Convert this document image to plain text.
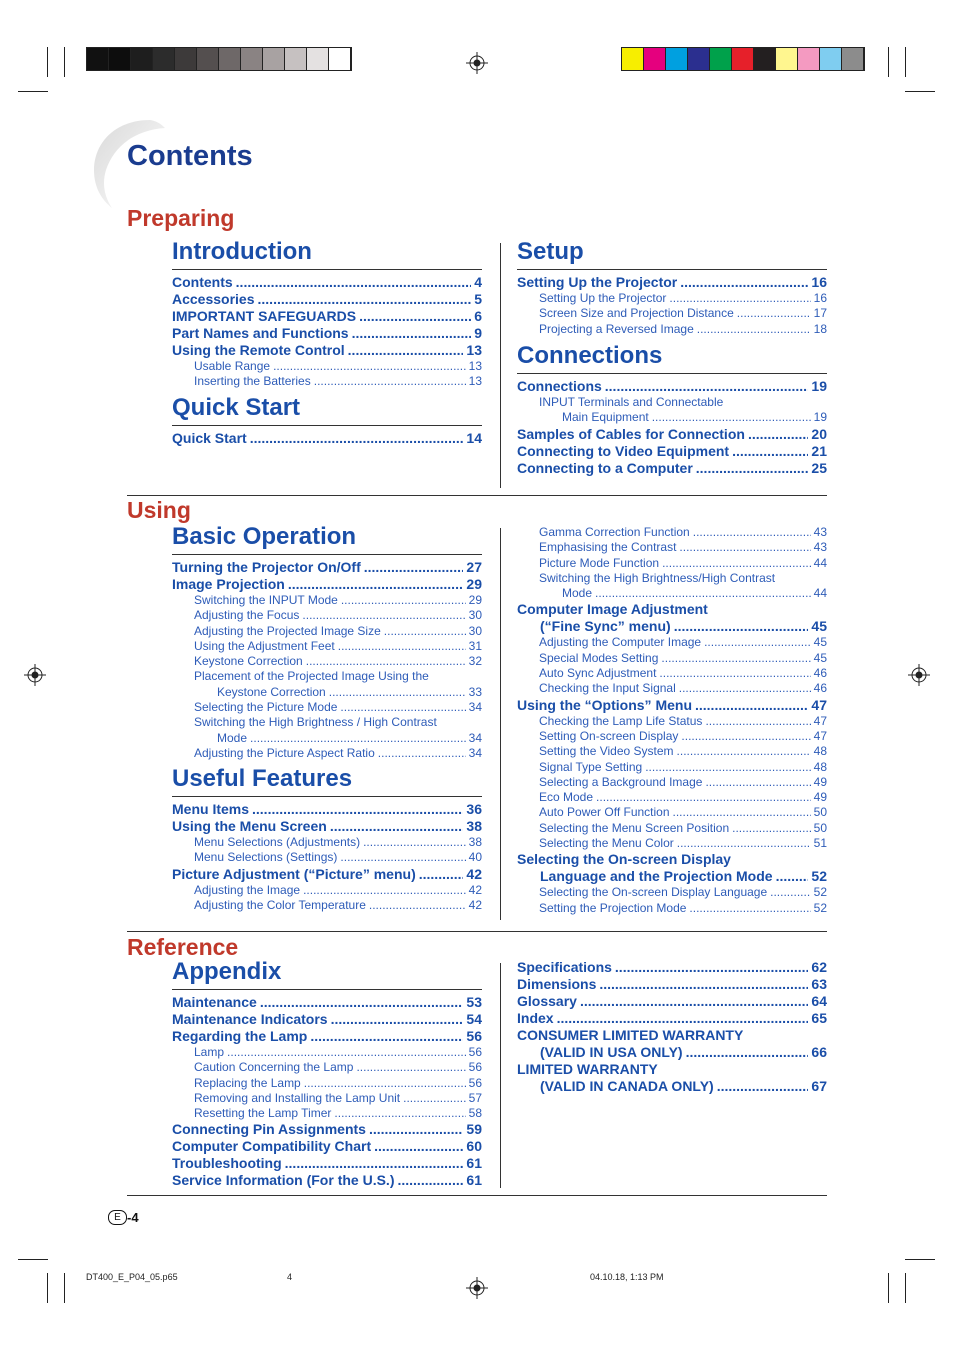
Contents
Preparing
Using
Reference
Introduction
Contents .....	4
Accessories .....	5
IMPORTANT SAFEGUARDS .....	6
Part Names and Functions .....	9
Using the Remote Control .....	13
Usable Range .....	13
Inserting the Batteries .....	13
Quick Start
Quick Start .....	14
Setup
Setting Up the Projector .....	16
Setting Up the Projector .....	16
Screen Size and Projection Distance .....	17
Projecting a Reversed Image .....	18
Connections
Connections .....	19
INPUT Terminals and Connectable
Main Equipment .....	19
Samples of Cables for Connection .....	20
Connecting to Video Equipment .....	21
Connecting to a Computer .....	25
Basic Operation
Turning the Projector On/Off .....	27
Image Projection .....	29
Switching the INPUT Mode .....	29
Adjusting the Focus .....	30
Adjusting the Projected Image Size .....	30
Using the Adjustment Feet .....	31
Keystone Correction .....	32
Placement of the Projected Image Using the
Keystone Correction .....	33
Selecting the Picture Mode .....	34
Switching the High Brightness / High Contrast
Mode .....	34
Adjusting the Picture Aspect Ratio .....	34
Useful Features
Menu Items .....	36
Using the Menu Screen .....	38
Menu Selections (Adjustments) .....	38
Menu Selections (Settings) .....	40
Picture Adjustment (“Picture” menu) .....	42
Adjusting the Image .....	42
Adjusting the Color Temperature .....	42
Gamma Correction Function .....	43
Emphasising the Contrast .....	43
Picture Mode Function .....	44
Switching the High Brightness/High Contrast
Mode .....	44
Computer Image Adjustment
(“Fine Sync” menu) .....	45
Adjusting the Computer Image .....	45
Special Modes Setting .....	45
Auto Sync Adjustment .....	46
Checking the Input Signal .....	46
Using the “Options” Menu .....	47
Checking the Lamp Life Status .....	47
Setting On-screen Display .....	47
Setting the Video System .....	48
Signal Type Setting .....	48
Selecting a Background Image .....	49
Eco Mode .....	49
Auto Power Off Function .....	50
Selecting the Menu Screen Position .....	50
Selecting the Menu Color .....	51
Selecting the On-screen Display
Language and the Projection Mode .....	52
Selecting the On-screen Display Language .....	52
Setting the Projection Mode .....	52
Appendix
Maintenance .....	53
Maintenance Indicators .....	54
Regarding the Lamp .....	56
Lamp .....	56
Caution Concerning the Lamp .....	56
Replacing the Lamp .....	56
Removing and Installing the Lamp Unit .....	57
Resetting the Lamp Timer .....	58
Connecting Pin Assignments .....	59
Computer Compatibility Chart .....	60
Troubleshooting .....	61
Service Information (For the U.S.) .....	61
Specifications .....	62
Dimensions .....	63
Glossary .....	64
Index .....	65
CONSUMER LIMITED WARRANTY
(VALID IN USA ONLY) .....	66
LIMITED WARRANTY
(VALID IN CANADA ONLY) .....	67
E -4
DT400_E_P04_05.p65	4	04.10.18, 1:13 PM
